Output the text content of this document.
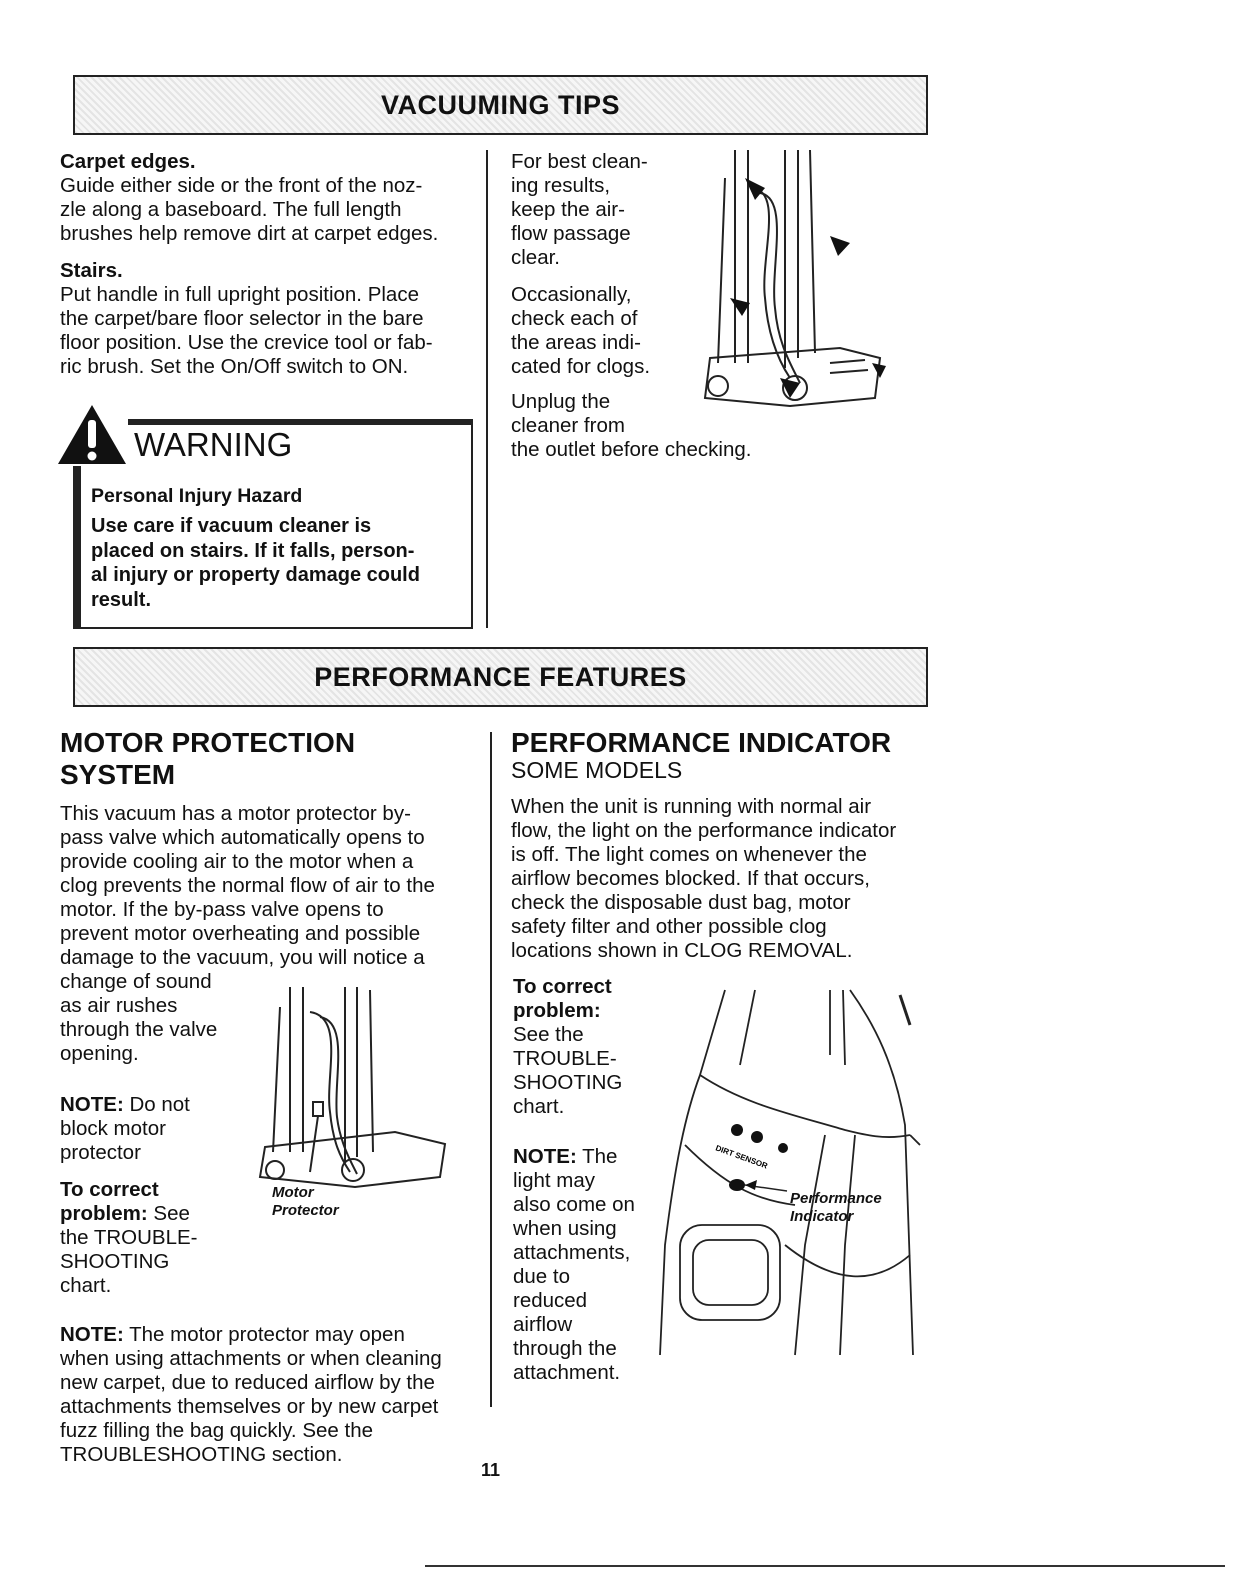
VACUUMING TIPS
Carpet edges.
Guide either side or the front of the noz-
zle along a baseboard. The full length
brushes help remove dirt at carpet edges.
Stairs.
Put handle in full upright position. Place
the carpet/bare floor selector in the bare
floor position. Use the crevice tool or fab-
ric brush. Set the On/Off switch to ON.
WARNING
Personal Injury Hazard
Use care if vacuum cleaner is
placed on stairs. If it falls, person-
al injury or property damage could
result.
For best clean-
ing results,
keep the air-
flow passage
clear.
Occasionally,
check each of
the areas indi-
cated for clogs.
Unplug the
cleaner from
the outlet before checking.
PERFORMANCE FEATURES
MOTOR PROTECTION
SYSTEM
This vacuum has a motor protector by-
pass valve which automatically opens to
provide cooling air to the motor when a
clog prevents the normal flow of air to the
motor. If the by-pass valve opens to
prevent motor overheating and possible
damage to the vacuum, you will notice a
change of sound
as air rushes
through the valve
opening.
NOTE: Do not
block motor
protector
To correct
problem: See
the TROUBLE-
SHOOTING
chart.
Motor
Protector
NOTE: The motor protector may open
when using attachments or when cleaning
new carpet, due to reduced airflow by the
attachments themselves or by new carpet
fuzz filling the bag quickly. See the
TROUBLESHOOTING section.
PERFORMANCE INDICATOR
SOME MODELS
When the unit is running with normal air
flow, the light on the performance indicator
is off. The light comes on whenever the
airflow becomes blocked. If that occurs,
check the disposable dust bag, motor
safety filter and other possible clog
locations shown in CLOG REMOVAL.
To correct
problem:
See the
TROUBLE-
SHOOTING
chart.
NOTE: The
light may
also come on
when using
attachments,
due to
reduced
airflow
through the
attachment.
DIRT SENSOR
Performance
Indicator
11
